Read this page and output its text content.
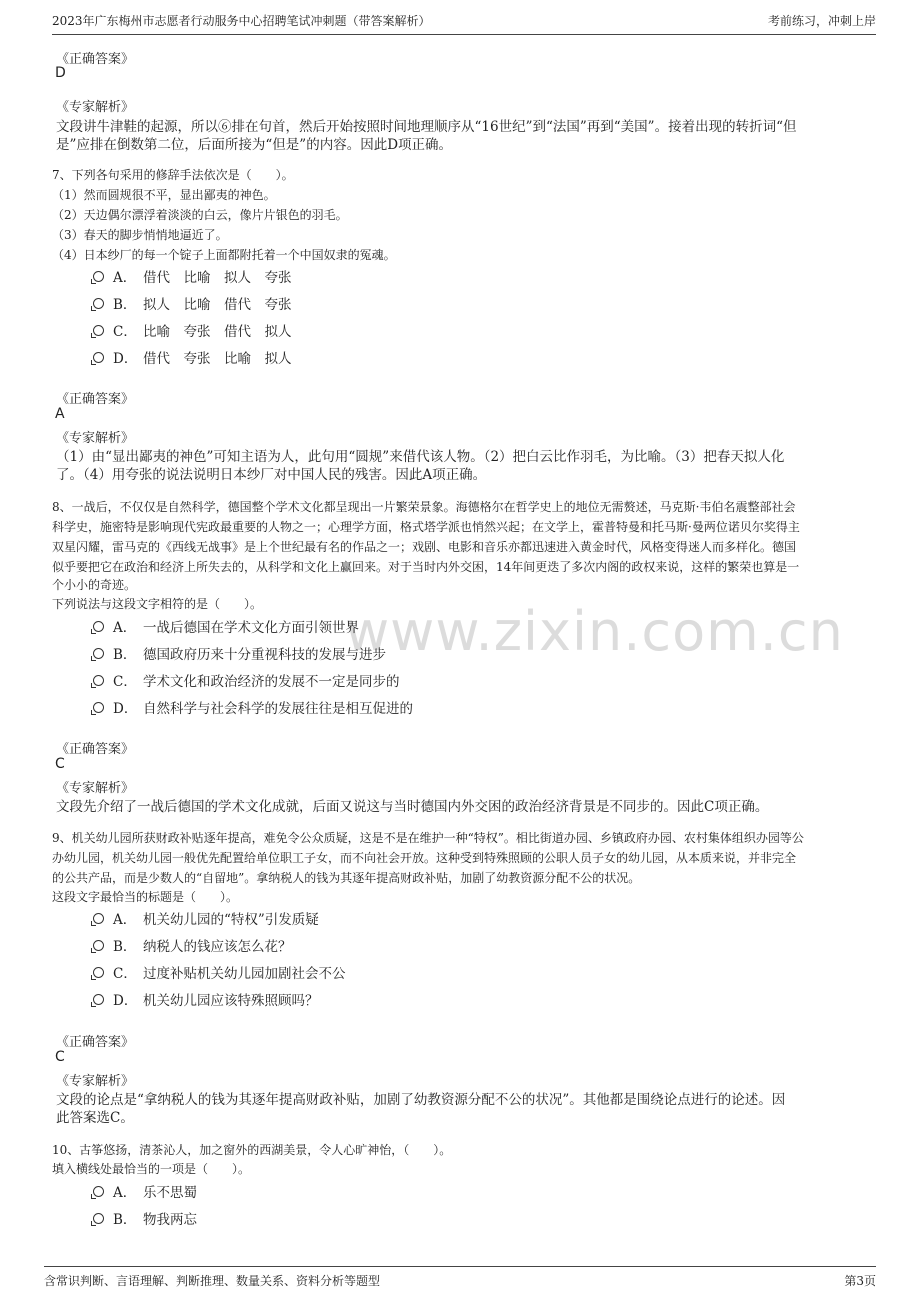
2023年广东梅州市志愿者行动服务中心招聘笔试冲刺题（带答案解析）	考前练习，冲刺上岸
www.zixin.com.cn
《正确答案》
D
《专家解析》
文段讲牛津鞋的起源，所以⑥排在句首，然后开始按照时间地理顺序从“16世纪”到“法国”再到“美国”。接着出现的转折词“但
是”应排在倒数第二位，后面所接为“但是”的内容。因此D项正确。
7、下列各句采用的修辞手法依次是（　　）。
（1）然而圆规很不平，显出鄙夷的神色。
（2）天边偶尔漂浮着淡淡的白云，像片片银色的羽毛。
（3）春天的脚步悄悄地逼近了。
（4）日本纱厂的每一个锭子上面都附托着一个中国奴隶的冤魂。
A． 借代　比喻　拟人　夸张
B． 拟人　比喻　借代　夸张
C． 比喻　夸张　借代　拟人
D． 借代　夸张　比喻　拟人
《正确答案》
A
《专家解析》
（1）由“显出鄙夷的神色”可知主语为人，此句用“圆规”来借代该人物。（2）把白云比作羽毛，为比喻。（3）把春天拟人化
了。（4）用夸张的说法说明日本纱厂对中国人民的残害。因此A项正确。
8、一战后，不仅仅是自然科学，德国整个学术文化都呈现出一片繁荣景象。海德格尔在哲学史上的地位无需赘述，马克斯·韦伯名震整部社会
科学史，施密特是影响现代宪政最重要的人物之一；心理学方面，格式塔学派也悄然兴起；在文学上，霍普特曼和托马斯·曼两位诺贝尔奖得主
双星闪耀，雷马克的《西线无战事》是上个世纪最有名的作品之一；戏剧、电影和音乐亦都迅速进入黄金时代，风格变得迷人而多样化。德国
似乎要把它在政治和经济上所失去的，从科学和文化上赢回来。对于当时内外交困，14年间更迭了多次内阁的政权来说，这样的繁荣也算是一
个小小的奇迹。
下列说法与这段文字相符的是（　　）。
A． 一战后德国在学术文化方面引领世界
B． 德国政府历来十分重视科技的发展与进步
C． 学术文化和政治经济的发展不一定是同步的
D． 自然科学与社会科学的发展往往是相互促进的
《正确答案》
C
《专家解析》
文段先介绍了一战后德国的学术文化成就，后面又说这与当时德国内外交困的政治经济背景是不同步的。因此C项正确。
9、机关幼儿园所获财政补贴逐年提高，难免令公众质疑，这是不是在维护一种“特权”。相比街道办园、乡镇政府办园、农村集体组织办园等公
办幼儿园，机关幼儿园一般优先配置给单位职工子女，而不向社会开放。这种受到特殊照顾的公职人员子女的幼儿园，从本质来说，并非完全
的公共产品，而是少数人的“自留地”。拿纳税人的钱为其逐年提高财政补贴，加剧了幼教资源分配不公的状况。
这段文字最恰当的标题是（　　）。
A． 机关幼儿园的“特权”引发质疑
B． 纳税人的钱应该怎么花？
C． 过度补贴机关幼儿园加剧社会不公
D． 机关幼儿园应该特殊照顾吗？
《正确答案》
C
《专家解析》
文段的论点是“拿纳税人的钱为其逐年提高财政补贴，加剧了幼教资源分配不公的状况”。其他都是围绕论点进行的论述。因
此答案选C。
10、古筝悠扬，清茶沁人，加之窗外的西湖美景，令人心旷神怡，（　　）。
填入横线处最恰当的一项是（　　）。
A． 乐不思蜀
B． 物我两忘
含常识判断、言语理解、判断推理、数量关系、资料分析等题型	第3页
